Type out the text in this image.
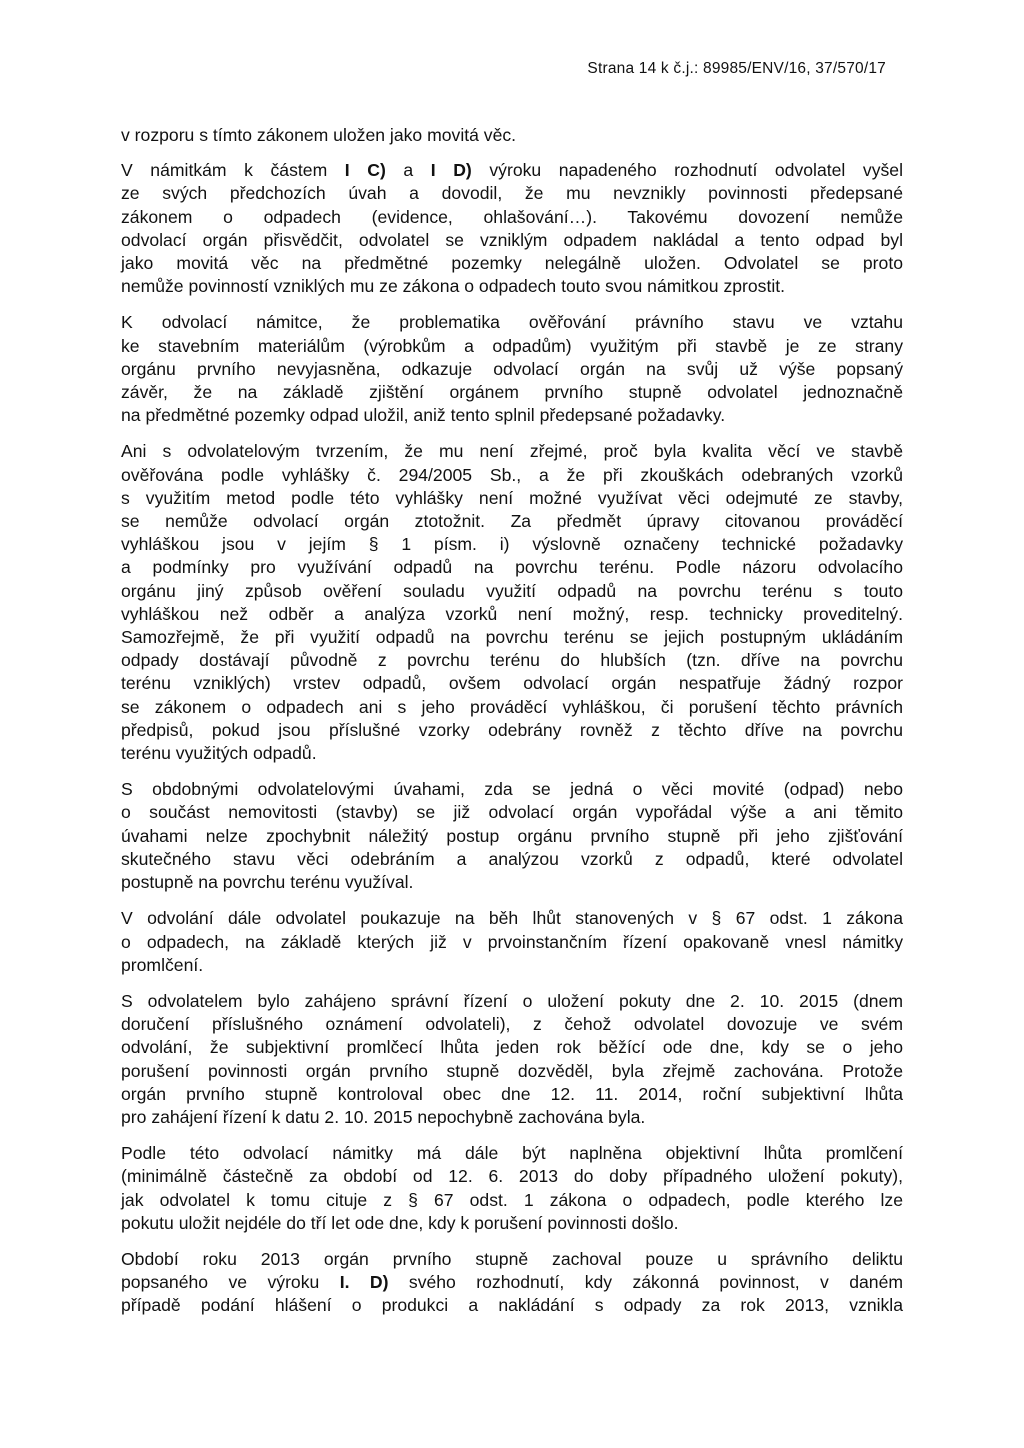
Strana 14 k č.j.: 89985/ENV/16, 37/570/17
v rozporu s tímto zákonem uložen jako movitá věc.
V námitkám k částem I C) a I D) výroku napadeného rozhodnutí odvolatel vyšel
ze svých předchozích úvah a dovodil, že mu nevznikly povinnosti předepsané
zákonem o odpadech (evidence, ohlašování…). Takovému dovození nemůže
odvolací orgán přisvědčit, odvolatel se vzniklým odpadem nakládal a tento odpad byl
jako movitá věc na předmětné pozemky nelegálně uložen. Odvolatel se proto
nemůže povinností vzniklých mu ze zákona o odpadech touto svou námitkou zprostit.
K odvolací námitce, že problematika ověřování právního stavu ve vztahu
ke stavebním materiálům (výrobkům a odpadům) využitým při stavbě je ze strany
orgánu prvního nevyjasněna, odkazuje odvolací orgán na svůj už výše popsaný
závěr, že na základě zjištění orgánem prvního stupně odvolatel jednoznačně
na předmětné pozemky odpad uložil, aniž tento splnil předepsané požadavky.
Ani s odvolatelovým tvrzením, že mu není zřejmé, proč byla kvalita věcí ve stavbě
ověřována podle vyhlášky č. 294/2005 Sb., a že při zkouškách odebraných vzorků
s využitím metod podle této vyhlášky není možné využívat věci odejmuté ze stavby,
se nemůže odvolací orgán ztotožnit. Za předmět úpravy citovanou prováděcí
vyhláškou jsou v jejím § 1 písm. i) výslovně označeny technické požadavky
a podmínky pro využívání odpadů na povrchu terénu. Podle názoru odvolacího
orgánu jiný způsob ověření souladu využití odpadů na povrchu terénu s touto
vyhláškou než odběr a analýza vzorků není možný, resp. technicky proveditelný.
Samozřejmě, že při využití odpadů na povrchu terénu se jejich postupným ukládáním
odpady dostávají původně z povrchu terénu do hlubších (tzn. dříve na povrchu
terénu vzniklých) vrstev odpadů, ovšem odvolací orgán nespatřuje žádný rozpor
se zákonem o odpadech ani s jeho prováděcí vyhláškou, či porušení těchto právních
předpisů, pokud jsou příslušné vzorky odebrány rovněž z těchto dříve na povrchu
terénu využitých odpadů.
S obdobnými odvolatelovými úvahami, zda se jedná o věci movité (odpad) nebo
o součást nemovitosti (stavby) se již odvolací orgán vypořádal výše a ani těmito
úvahami nelze zpochybnit náležitý postup orgánu prvního stupně při jeho zjišťování
skutečného stavu věci odebráním a analýzou vzorků z odpadů, které odvolatel
postupně na povrchu terénu využíval.
V odvolání dále odvolatel poukazuje na běh lhůt stanovených v § 67 odst. 1 zákona
o odpadech, na základě kterých již v prvoinstančním řízení opakovaně vnesl námitky
promlčení.
S odvolatelem bylo zahájeno správní řízení o uložení pokuty dne 2. 10. 2015 (dnem
doručení příslušného oznámení odvolateli), z čehož odvolatel dovozuje ve svém
odvolání, že subjektivní promlčecí lhůta jeden rok běžící ode dne, kdy se o jeho
porušení povinnosti orgán prvního stupně dozvěděl, byla zřejmě zachována. Protože
orgán prvního stupně kontroloval obec dne 12. 11. 2014, roční subjektivní lhůta
pro zahájení řízení k datu 2. 10. 2015 nepochybně zachována byla.
Podle této odvolací námitky má dále být naplněna objektivní lhůta promlčení
(minimálně částečně za období od 12. 6. 2013 do doby případného uložení pokuty),
jak odvolatel k tomu cituje z § 67 odst. 1 zákona o odpadech, podle kterého lze
pokutu uložit nejdéle do tří let ode dne, kdy k porušení povinnosti došlo.
Období roku 2013 orgán prvního stupně zachoval pouze u správního deliktu
popsaného ve výroku I. D) svého rozhodnutí, kdy zákonná povinnost, v daném
případě podání hlášení o produkci a nakládání s odpady za rok 2013, vznikla
